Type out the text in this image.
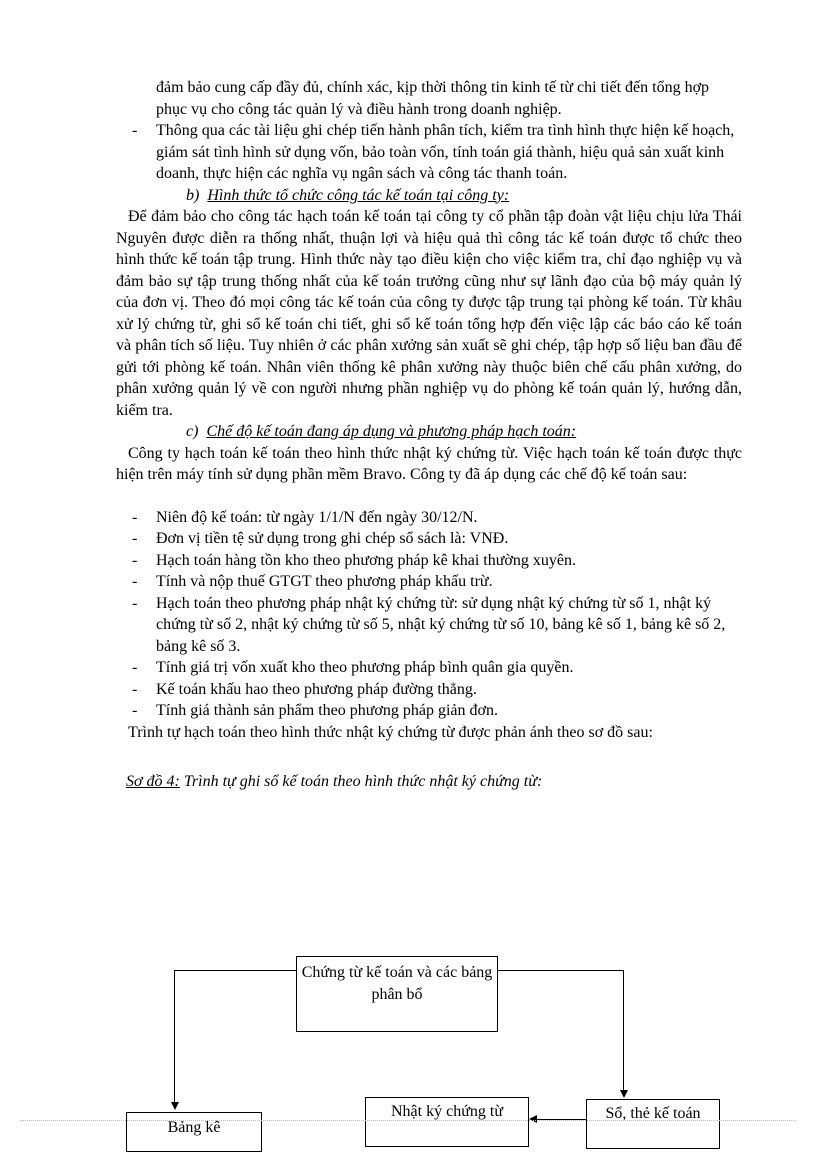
đảm bảo cung cấp đầy đủ, chính xác, kịp thời thông tin kinh tế từ chi tiết đến tổng hợp phục vụ cho công tác quản lý và điều hành trong doanh nghiệp.
- Thông qua các tài liệu ghi chép tiến hành phân tích, kiểm tra tình hình thực hiện kế hoạch, giám sát tình hình sử dụng vốn, bảo toàn vốn, tính toán giá thành, hiệu quả sản xuất kinh doanh, thực hiện các nghĩa vụ ngân sách và công tác thanh toán.
b) Hình thức tổ chức công tác kế toán tại công ty:
Để đảm bảo cho công tác hạch toán kế toán tại công ty cổ phần tập đoàn vật liệu chịu lửa Thái Nguyên được diễn ra thống nhất, thuận lợi và hiệu quả thì công tác kế toán được tổ chức theo hình thức kế toán tập trung. Hình thức này tạo điều kiện cho việc kiểm tra, chỉ đạo nghiệp vụ và đảm bảo sự tập trung thống nhất của kế toán trưởng cũng như sự lãnh đạo của bộ máy quản lý của đơn vị. Theo đó mọi công tác kế toán của công ty được tập trung tại phòng kế toán. Từ khâu xử lý chứng từ, ghi sổ kế toán chi tiết, ghi sổ kế toán tổng hợp đến việc lập các báo cáo kế toán và phân tích số liệu. Tuy nhiên ở các phân xưởng sản xuất sẽ ghi chép, tập hợp số liệu ban đầu để gửi tới phòng kế toán. Nhân viên thống kê phân xưởng này thuộc biên chế cấu phân xưởng, do phân xưởng quản lý về con người nhưng phần nghiệp vụ do phòng kế toán quản lý, hướng dẫn, kiểm tra.
c) Chế độ kế toán đang áp dụng và phương pháp hạch toán:
Công ty hạch toán kế toán theo hình thức nhật ký chứng từ. Việc hạch toán kế toán được thực hiện trên máy tính sử dụng phần mềm Bravo. Công ty đã áp dụng các chế độ kế toán sau:
- Niên độ kế toán: từ ngày 1/1/N đến ngày 30/12/N.
- Đơn vị tiền tệ sử dụng trong ghi chép sổ sách là: VNĐ.
- Hạch toán hàng tồn kho theo phương pháp kê khai thường xuyên.
- Tính và nộp thuế GTGT theo phương pháp khấu trừ.
- Hạch toán theo phương pháp nhật ký chứng từ: sử dụng nhật ký chứng từ số 1, nhật ký chứng từ số 2, nhật ký chứng từ số 5, nhật ký chứng từ số 10, bảng kê số 1, bảng kê số 2, bảng kê số 3.
- Tính giá trị vốn xuất kho theo phương pháp bình quân gia quyền.
- Kế toán khấu hao theo phương pháp đường thẳng.
- Tính giá thành sản phẩm theo phương pháp giản đơn.
Trình tự hạch toán theo hình thức nhật ký chứng từ được phản ánh theo sơ đồ sau:
Sơ đồ 4: Trình tự ghi sổ kế toán theo hình thức nhật ký chứng từ:
Chứng từ kế toán và các bảng phân bổ
Bảng kê
Nhật ký chứng từ	Sổ, thẻ kế toán
